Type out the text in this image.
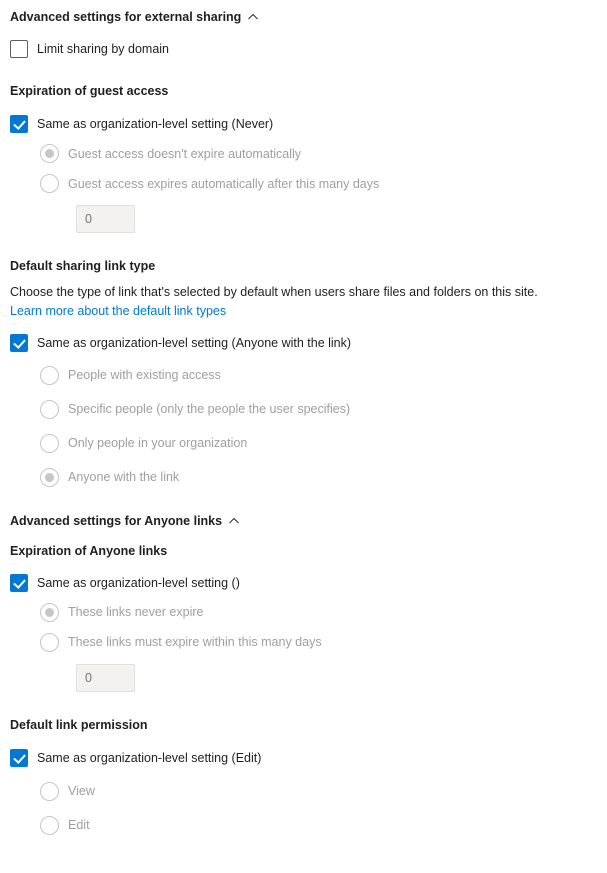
Advanced settings for external sharing
Limit sharing by domain
Expiration of guest access
Same as organization-level setting (Never)
Guest access doesn't expire automatically
Guest access expires automatically after this many days
0
Default sharing link type
Choose the type of link that's selected by default when users share files and folders on this site.
Learn more about the default link types
Same as organization-level setting (Anyone with the link)
People with existing access
Specific people (only the people the user specifies)
Only people in your organization
Anyone with the link
Advanced settings for Anyone links
Expiration of Anyone links
Same as organization-level setting ()
These links never expire
These links must expire within this many days
0
Default link permission
Same as organization-level setting (Edit)
View
Edit
